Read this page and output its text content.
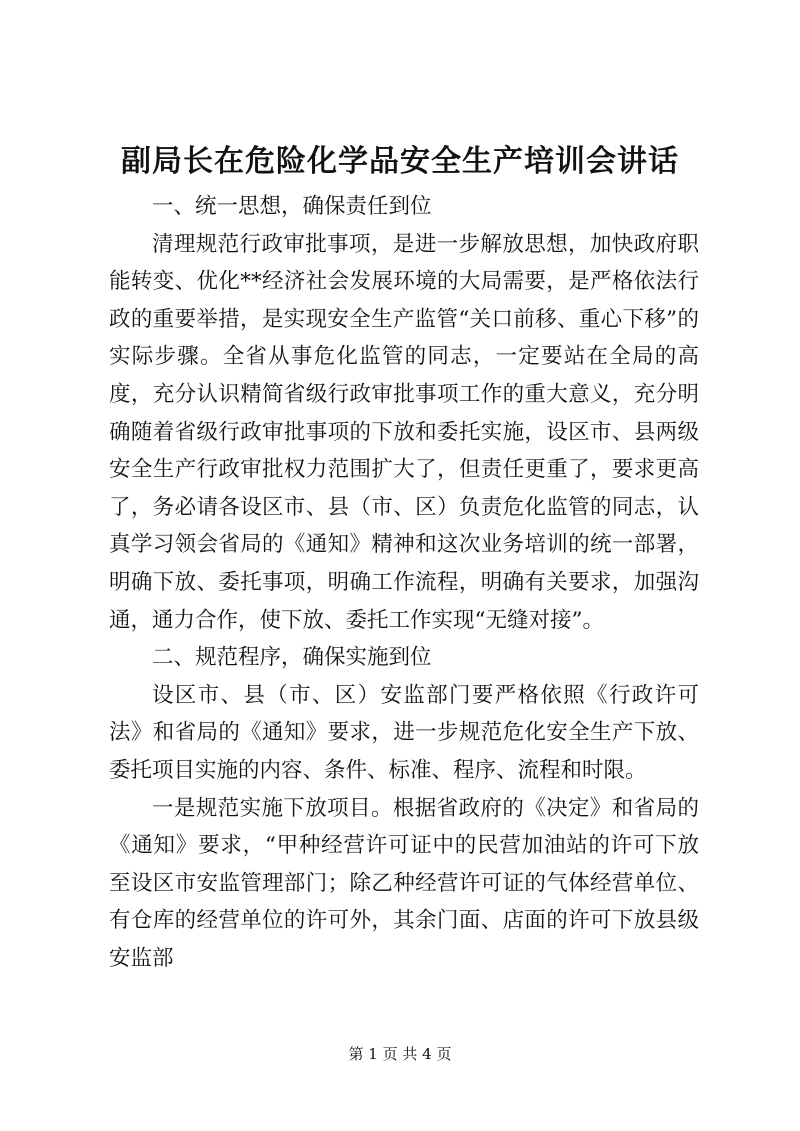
副局长在危险化学品安全生产培训会讲话

一、统一思想，确保责任到位

清理规范行政审批事项，是进一步解放思想，加快政府职能转变、优化**经济社会发展环境的大局需要，是严格依法行政的重要举措，是实现安全生产监管“关口前移、重心下移”的实际步骤。全省从事危化监管的同志，一定要站在全局的高度，充分认识精简省级行政审批事项工作的重大意义，充分明确随着省级行政审批事项的下放和委托实施，设区市、县两级安全生产行政审批权力范围扩大了，但责任更重了，要求更高了，务必请各设区市、县（市、区）负责危化监管的同志，认真学习领会省局的《通知》精神和这次业务培训的统一部署，明确下放、委托事项，明确工作流程，明确有关要求，加强沟通，通力合作，使下放、委托工作实现“无缝对接”。

二、规范程序，确保实施到位

设区市、县（市、区）安监部门要严格依照《行政许可法》和省局的《通知》要求，进一步规范危化安全生产下放、委托项目实施的内容、条件、标准、程序、流程和时限。

一是规范实施下放项目。根据省政府的《决定》和省局的《通知》要求，“甲种经营许可证中的民营加油站的许可下放至设区市安监管理部门；除乙种经营许可证的气体经营单位、有仓库的经营单位的许可外，其余门面、店面的许可下放县级安监部

第 1 页 共 4 页
